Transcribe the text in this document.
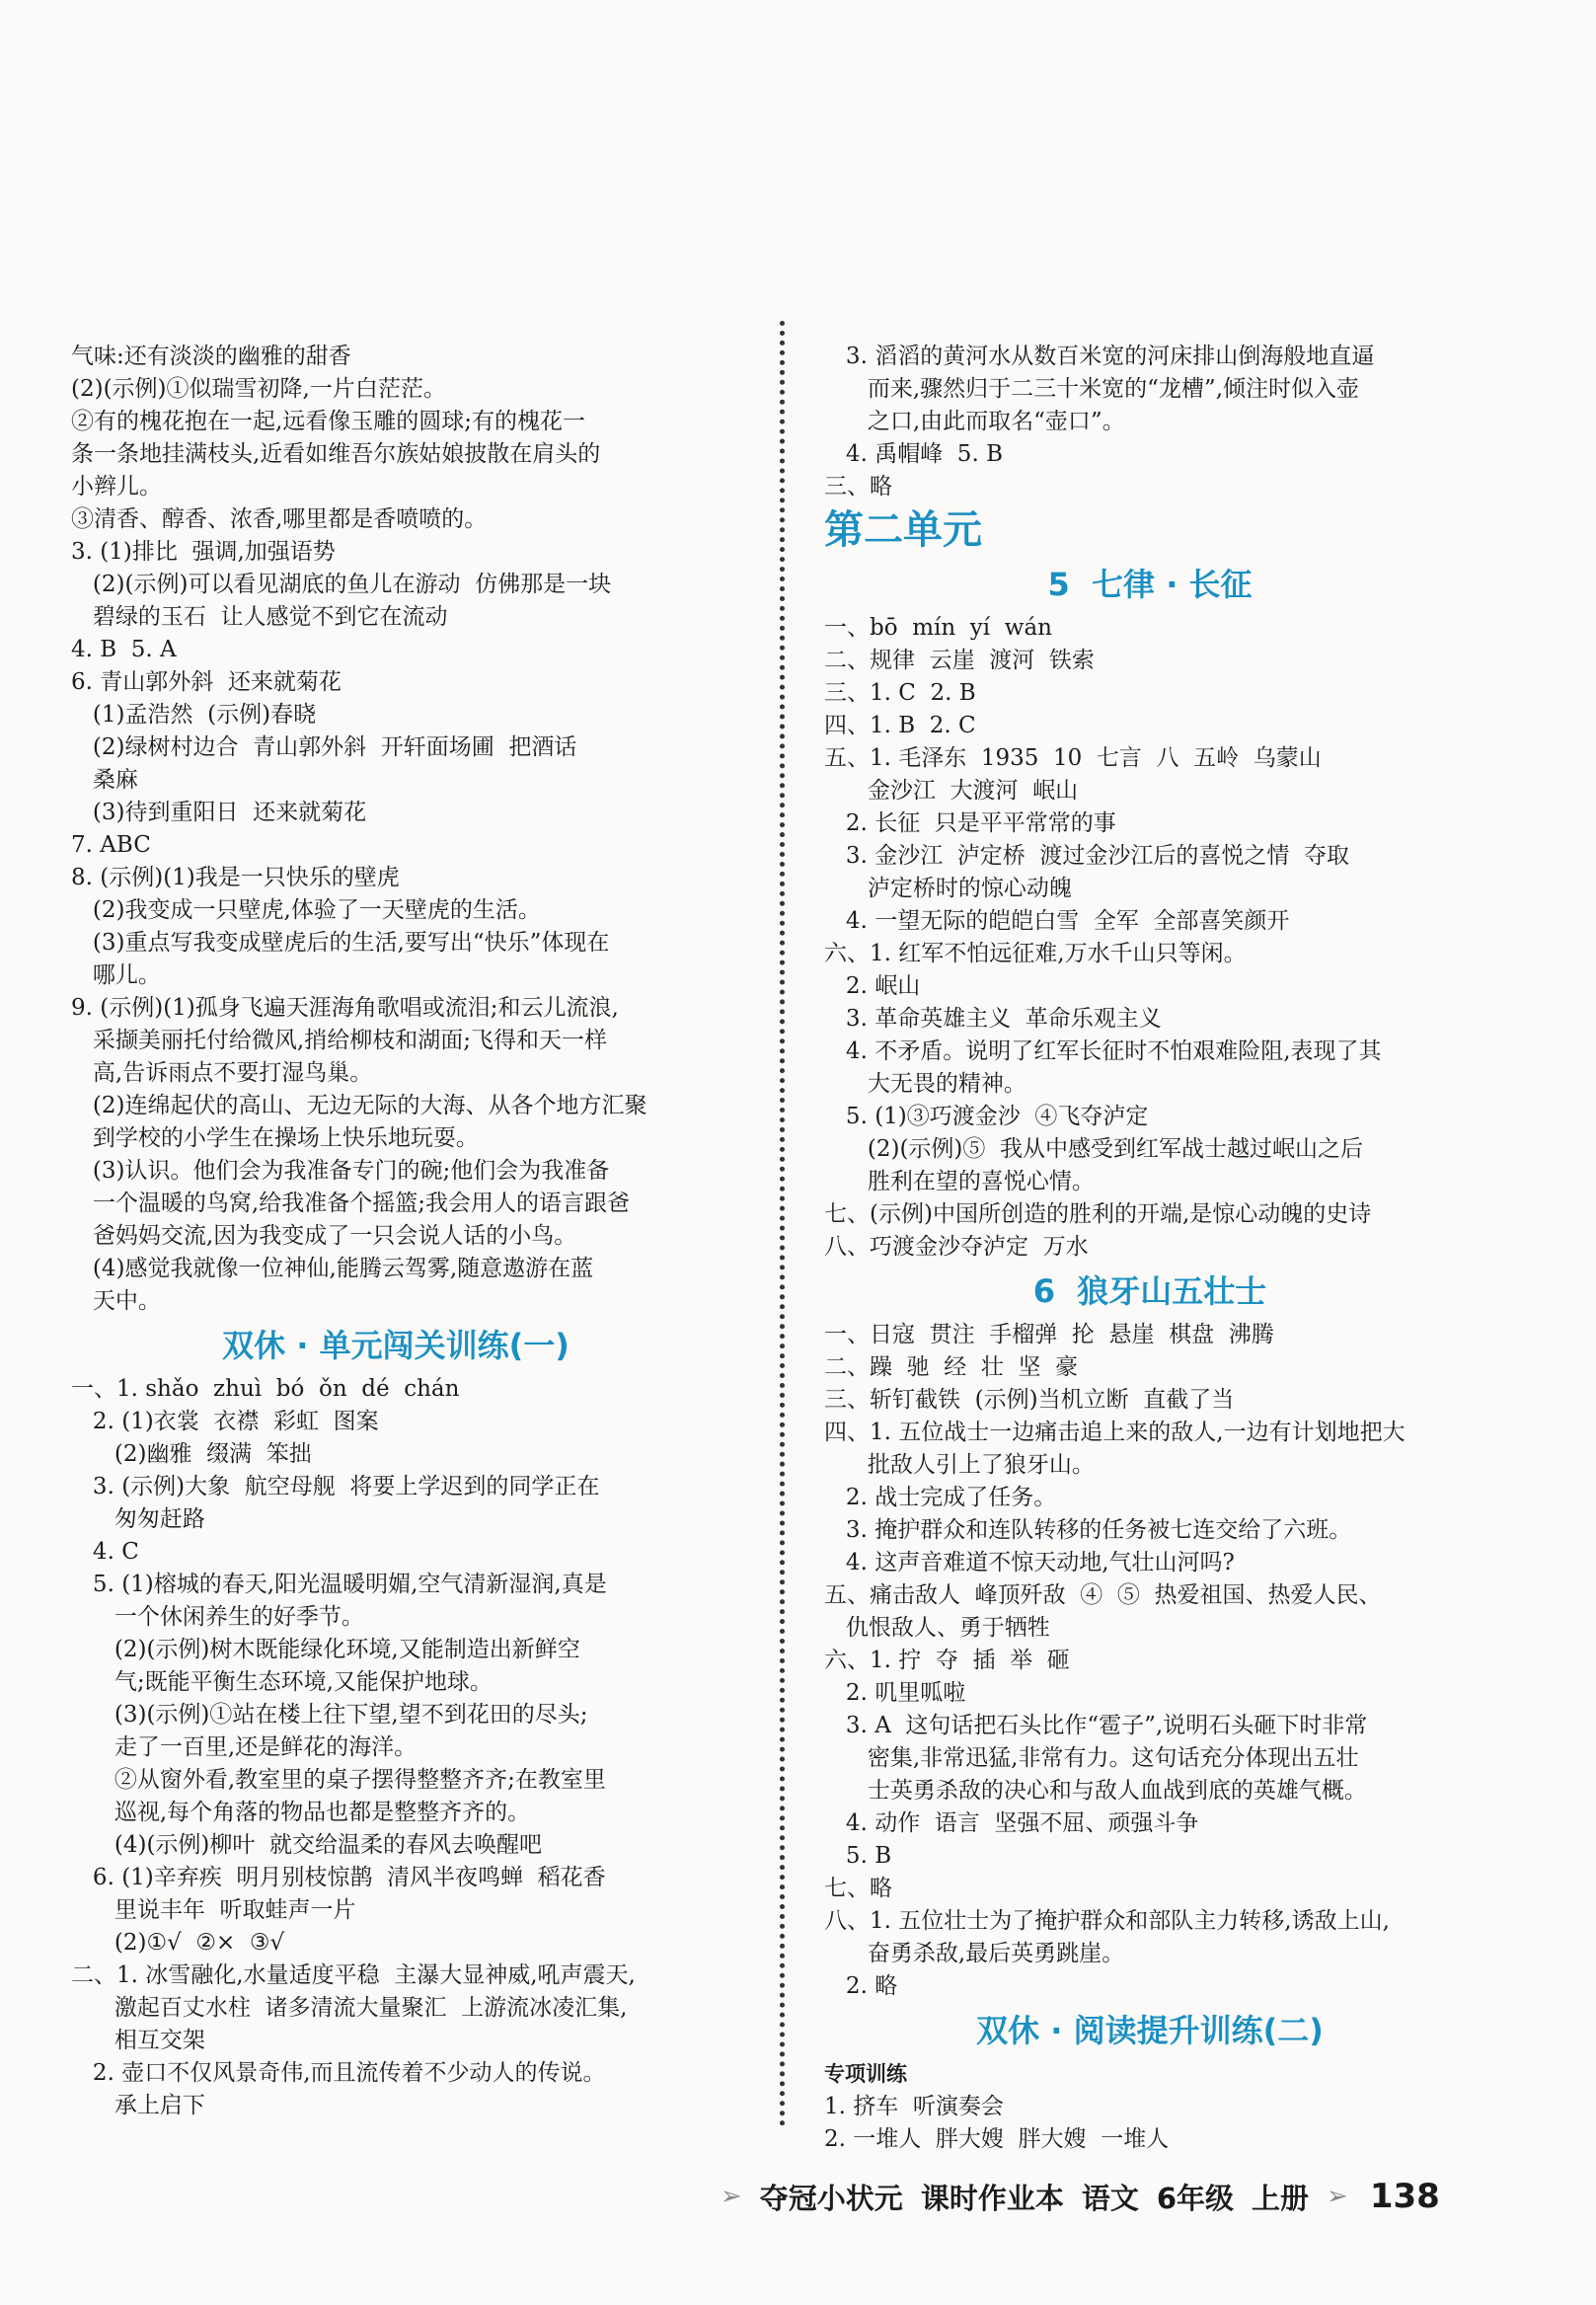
气味:还有淡淡的幽雅的甜香
(2)(示例)①似瑞雪初降,一片白茫茫。
②有的槐花抱在一起,远看像玉雕的圆球;有的槐花一
条一条地挂满枝头,近看如维吾尔族姑娘披散在肩头的
小辫儿。
③清香、醇香、浓香,哪里都是香喷喷的。
3. (1)排比  强调,加强语势
(2)(示例)可以看见湖底的鱼儿在游动  仿佛那是一块
碧绿的玉石  让人感觉不到它在流动
4. B  5. A
6. 青山郭外斜  还来就菊花
(1)孟浩然  (示例)春晓
(2)绿树村边合  青山郭外斜  开轩面场圃  把酒话
桑麻
(3)待到重阳日  还来就菊花
7. ABC
8. (示例)(1)我是一只快乐的壁虎
(2)我变成一只壁虎,体验了一天壁虎的生活。
(3)重点写我变成壁虎后的生活,要写出“快乐”体现在
哪儿。
9. (示例)(1)孤身飞遍天涯海角歌唱或流泪;和云儿流浪,
采撷美丽托付给微风,捎给柳枝和湖面;飞得和天一样
高,告诉雨点不要打湿鸟巢。
(2)连绵起伏的高山、无边无际的大海、从各个地方汇聚
到学校的小学生在操场上快乐地玩耍。
(3)认识。他们会为我准备专门的碗;他们会为我准备
一个温暖的鸟窝,给我准备个摇篮;我会用人的语言跟爸
爸妈妈交流,因为我变成了一只会说人话的小鸟。
(4)感觉我就像一位神仙,能腾云驾雾,随意遨游在蓝
天中。
双休 · 单元闯关训练(一)
一、1. shǎo  zhuì  bó  ǒn  dé  chán
2. (1)衣裳  衣襟  彩虹  图案
(2)幽雅  缀满  笨拙
3. (示例)大象  航空母舰  将要上学迟到的同学正在
匆匆赶路
4. C
5. (1)榕城的春天,阳光温暖明媚,空气清新湿润,真是
一个休闲养生的好季节。
(2)(示例)树木既能绿化环境,又能制造出新鲜空
气;既能平衡生态环境,又能保护地球。
(3)(示例)①站在楼上往下望,望不到花田的尽头;
走了一百里,还是鲜花的海洋。
②从窗外看,教室里的桌子摆得整整齐齐;在教室里
巡视,每个角落的物品也都是整整齐齐的。
(4)(示例)柳叶  就交给温柔的春风去唤醒吧
6. (1)辛弃疾  明月别枝惊鹊  清风半夜鸣蝉  稻花香
里说丰年  听取蛙声一片
(2)①√  ②×  ③√
二、1. 冰雪融化,水量适度平稳  主瀑大显神威,吼声震天,
激起百丈水柱  诸多清流大量聚汇  上游流冰凌汇集,
相互交架
2. 壶口不仅风景奇伟,而且流传着不少动人的传说。
承上启下
3. 滔滔的黄河水从数百米宽的河床排山倒海般地直逼
而来,骤然归于二三十米宽的“龙槽”,倾注时似入壶
之口,由此而取名“壶口”。
4. 禹帽峰  5. B
三、略
第二单元
5  七律 · 长征
一、bō  mín  yí  wán
二、规律  云崖  渡河  铁索
三、1. C  2. B
四、1. B  2. C
五、1. 毛泽东  1935  10  七言  八  五岭  乌蒙山
金沙江  大渡河  岷山
2. 长征  只是平平常常的事
3. 金沙江  泸定桥  渡过金沙江后的喜悦之情  夺取
泸定桥时的惊心动魄
4. 一望无际的皑皑白雪  全军  全部喜笑颜开
六、1. 红军不怕远征难,万水千山只等闲。
2. 岷山
3. 革命英雄主义  革命乐观主义
4. 不矛盾。说明了红军长征时不怕艰难险阻,表现了其
大无畏的精神。
5. (1)③巧渡金沙  ④飞夺泸定
(2)(示例)⑤  我从中感受到红军战士越过岷山之后
胜利在望的喜悦心情。
七、(示例)中国所创造的胜利的开端,是惊心动魄的史诗
八、巧渡金沙夺泸定  万水
6  狼牙山五壮士
一、日寇  贯注  手榴弹  抡  悬崖  棋盘  沸腾
二、躁  驰  经  壮  坚  豪
三、斩钉截铁  (示例)当机立断  直截了当
四、1. 五位战士一边痛击追上来的敌人,一边有计划地把大
批敌人引上了狼牙山。
2. 战士完成了任务。
3. 掩护群众和连队转移的任务被七连交给了六班。
4. 这声音难道不惊天动地,气壮山河吗?
五、痛击敌人  峰顶歼敌  ④  ⑤  热爱祖国、热爱人民、
仇恨敌人、勇于牺牲
六、1. 拧  夺  插  举  砸
2. 叽里呱啦
3. A  这句话把石头比作“雹子”,说明石头砸下时非常
密集,非常迅猛,非常有力。这句话充分体现出五壮
士英勇杀敌的决心和与敌人血战到底的英雄气概。
4. 动作  语言  坚强不屈、顽强斗争
5. B
七、略
八、1. 五位壮士为了掩护群众和部队主力转移,诱敌上山,
奋勇杀敌,最后英勇跳崖。
2. 略
双休 · 阅读提升训练(二)
专项训练
1. 挤车  听演奏会
2. 一堆人  胖大嫂  胖大嫂  一堆人
➢ 夺冠小状元 课时作业本 语文 6年级 上册 ➢ 138
